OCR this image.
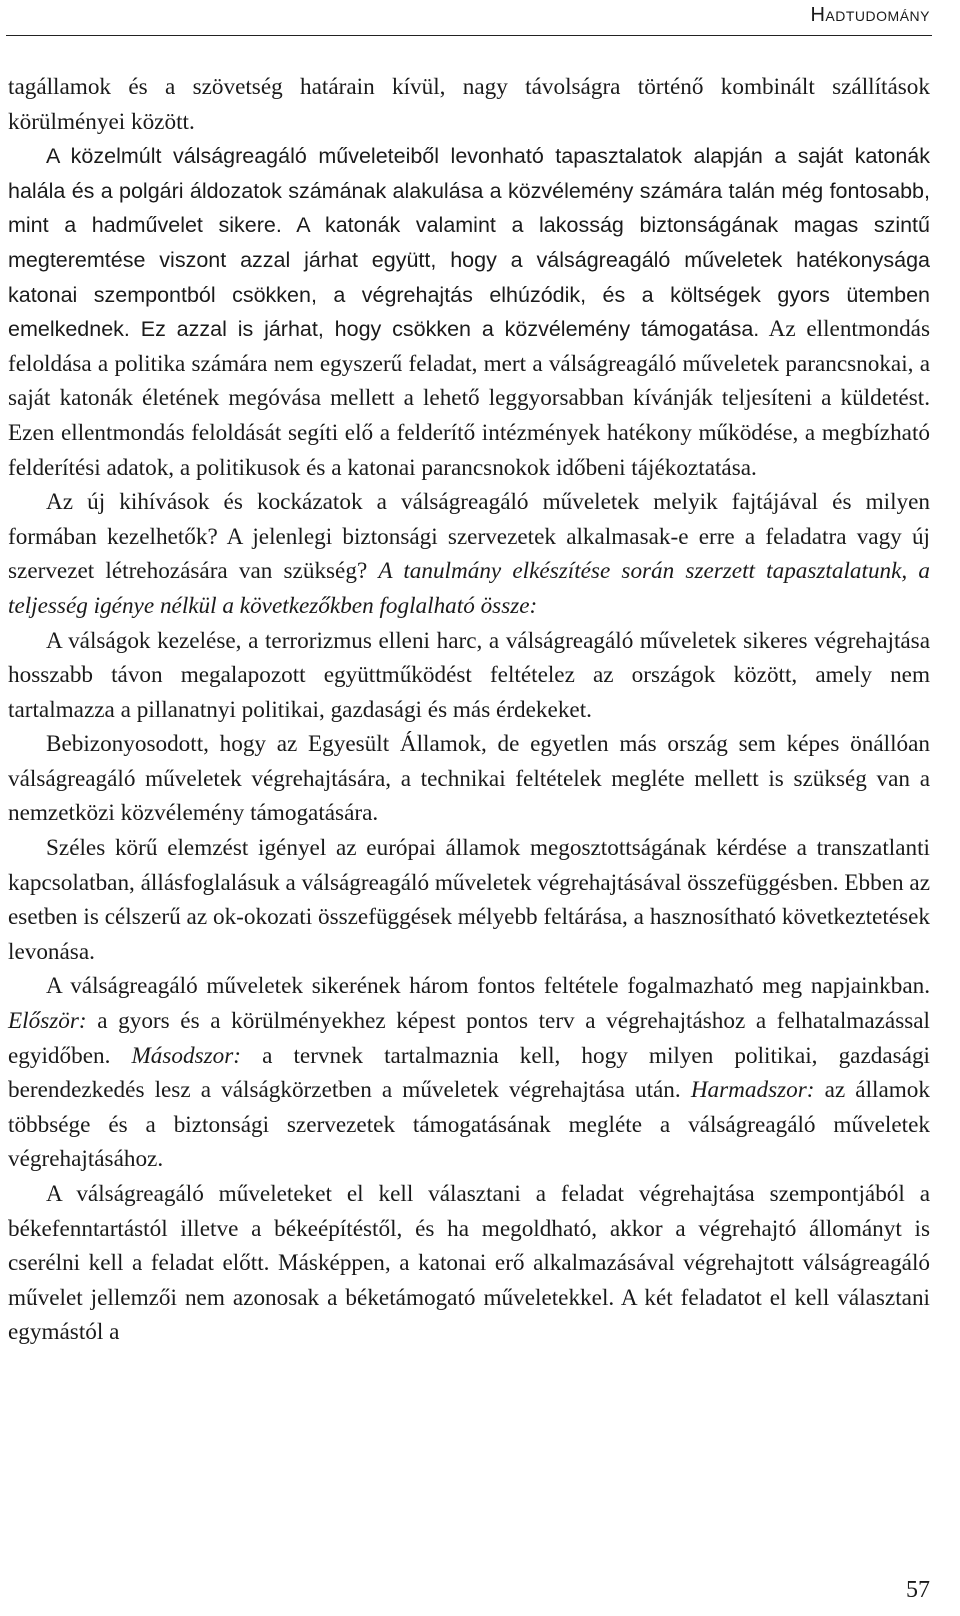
Hadtudomány

tagállamok és a szövetség határain kívül, nagy távolságra történő kombinált szállítások körülményei között.

A közelmúlt válságreagáló műveleteiből levonható tapasztalatok alapján a saját katonák halála és a polgári áldozatok számának alakulása a közvélemény számára talán még fontosabb, mint a hadművelet sikere. A katonák valamint a lakosság biztonságának magas szintű megteremtése viszont azzal járhat együtt, hogy a válságreagáló műveletek hatékonysága katonai szempontból csökken, a végrehajtás elhúzódik, és a költségek gyors ütemben emelkednek. Ez azzal is járhat, hogy csökken a közvélemény támogatása. Az ellentmondás feloldása a politika számára nem egyszerű feladat, mert a válságreagáló műveletek parancsnokai, a saját katonák életének megóvása mellett a lehető leggyorsabban kívánják teljesíteni a küldetést. Ezen ellentmondás feloldását segíti elő a felderítő intézmények hatékony működése, a megbízható felderítési adatok, a politikusok és a katonai parancsnokok időbeni tájékoztatása.

Az új kihívások és kockázatok a válságreagáló műveletek melyik fajtájával és milyen formában kezelhetők? A jelenlegi biztonsági szervezetek alkalmasak-e erre a feladatra vagy új szervezet létrehozására van szükség? A tanulmány elkészítése során szerzett tapasztalatunk, a teljesség igénye nélkül a következőkben foglalható össze:

A válságok kezelése, a terrorizmus elleni harc, a válságreagáló műveletek sikeres végrehajtása hosszabb távon megalapozott együttműködést feltételez az országok között, amely nem tartalmazza a pillanatnyi politikai, gazdasági és más érdekeket.

Bebizonyosodott, hogy az Egyesült Államok, de egyetlen más ország sem képes önállóan válságreagáló műveletek végrehajtására, a technikai feltételek megléte mellett is szükség van a nemzetközi közvélemény támogatására.

Széles körű elemzést igényel az európai államok megosztottságának kérdése a transzatlanti kapcsolatban, állásfoglalásuk a válságreagáló műveletek végrehajtásával összefüggésben. Ebben az esetben is célszerű az ok-okozati összefüggések mélyebb feltárása, a hasznosítható következtetések levonása.

A válságreagáló műveletek sikerének három fontos feltétele fogalmazható meg napjainkban. Először: a gyors és a körülményekhez képest pontos terv a végrehajtáshoz a felhatalmazással egyidőben. Másodszor: a tervnek tartalmaznia kell, hogy milyen politikai, gazdasági berendezkedés lesz a válságkörzetben a műveletek végrehajtása után. Harmadszor: az államok többsége és a biztonsági szervezetek támogatásának megléte a válságreagáló műveletek végrehajtásához.

A válságreagáló műveleteket el kell választani a feladat végrehajtása szempontjából a békefenntartástól illetve a békeépítéstől, és ha megoldható, akkor a végrehajtó állományt is cserélni kell a feladat előtt. Másképpen, a katonai erő alkalmazásával végrehajtott válságreagáló művelet jellemzői nem azonosak a béketámogató műveletekkel. A két feladatot el kell választani egymástól a

57
